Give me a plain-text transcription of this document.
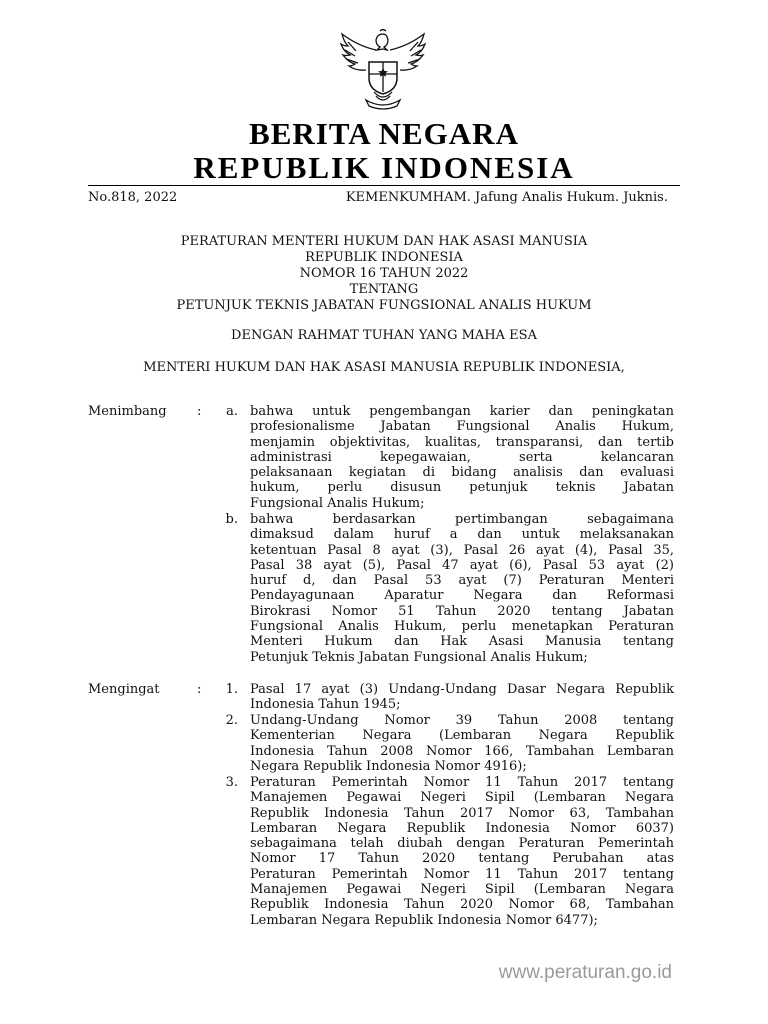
BERITA NEGARA
REPUBLIK INDONESIA
No.818, 2022	KEMENKUMHAM. Jafung Analis Hukum. Juknis.
PERATURAN MENTERI HUKUM DAN HAK ASASI MANUSIA
REPUBLIK INDONESIA
NOMOR 16 TAHUN 2022
TENTANG
PETUNJUK TEKNIS JABATAN FUNGSIONAL ANALIS HUKUM
DENGAN RAHMAT TUHAN YANG MAHA ESA
MENTERI HUKUM DAN HAK ASASI MANUSIA REPUBLIK INDONESIA,
Menimbang :	a. bahwa untuk pengembangan karier dan peningkatan
profesionalisme Jabatan Fungsional Analis Hukum,
menjamin objektivitas, kualitas, transparansi, dan tertib
administrasi kepegawaian, serta kelancaran
pelaksanaan kegiatan di bidang analisis dan evaluasi
hukum, perlu disusun petunjuk teknis Jabatan
Fungsional Analis Hukum;
b. bahwa berdasarkan pertimbangan sebagaimana
dimaksud dalam huruf a dan untuk melaksanakan
ketentuan Pasal 8 ayat (3), Pasal 26 ayat (4), Pasal 35,
Pasal 38 ayat (5), Pasal 47 ayat (6), Pasal 53 ayat (2)
huruf d, dan Pasal 53 ayat (7) Peraturan Menteri
Pendayagunaan Aparatur Negara dan Reformasi
Birokrasi Nomor 51 Tahun 2020 tentang Jabatan
Fungsional Analis Hukum, perlu menetapkan Peraturan
Menteri Hukum dan Hak Asasi Manusia tentang
Petunjuk Teknis Jabatan Fungsional Analis Hukum;
Mengingat	:	1. Pasal 17 ayat (3) Undang-Undang Dasar Negara Republik
Indonesia Tahun 1945;
2. Undang-Undang Nomor 39 Tahun 2008 tentang
Kementerian Negara (Lembaran Negara Republik
Indonesia Tahun 2008 Nomor 166, Tambahan Lembaran
Negara Republik Indonesia Nomor 4916);
3. Peraturan Pemerintah Nomor 11 Tahun 2017 tentang
Manajemen Pegawai Negeri Sipil (Lembaran Negara
Republik Indonesia Tahun 2017 Nomor 63, Tambahan
Lembaran Negara Republik Indonesia Nomor 6037)
sebagaimana telah diubah dengan Peraturan Pemerintah
Nomor 17 Tahun 2020 tentang Perubahan atas
Peraturan Pemerintah Nomor 11 Tahun 2017 tentang
Manajemen Pegawai Negeri Sipil (Lembaran Negara
Republik Indonesia Tahun 2020 Nomor 68, Tambahan
Lembaran Negara Republik Indonesia Nomor 6477);
www.peraturan.go.id
